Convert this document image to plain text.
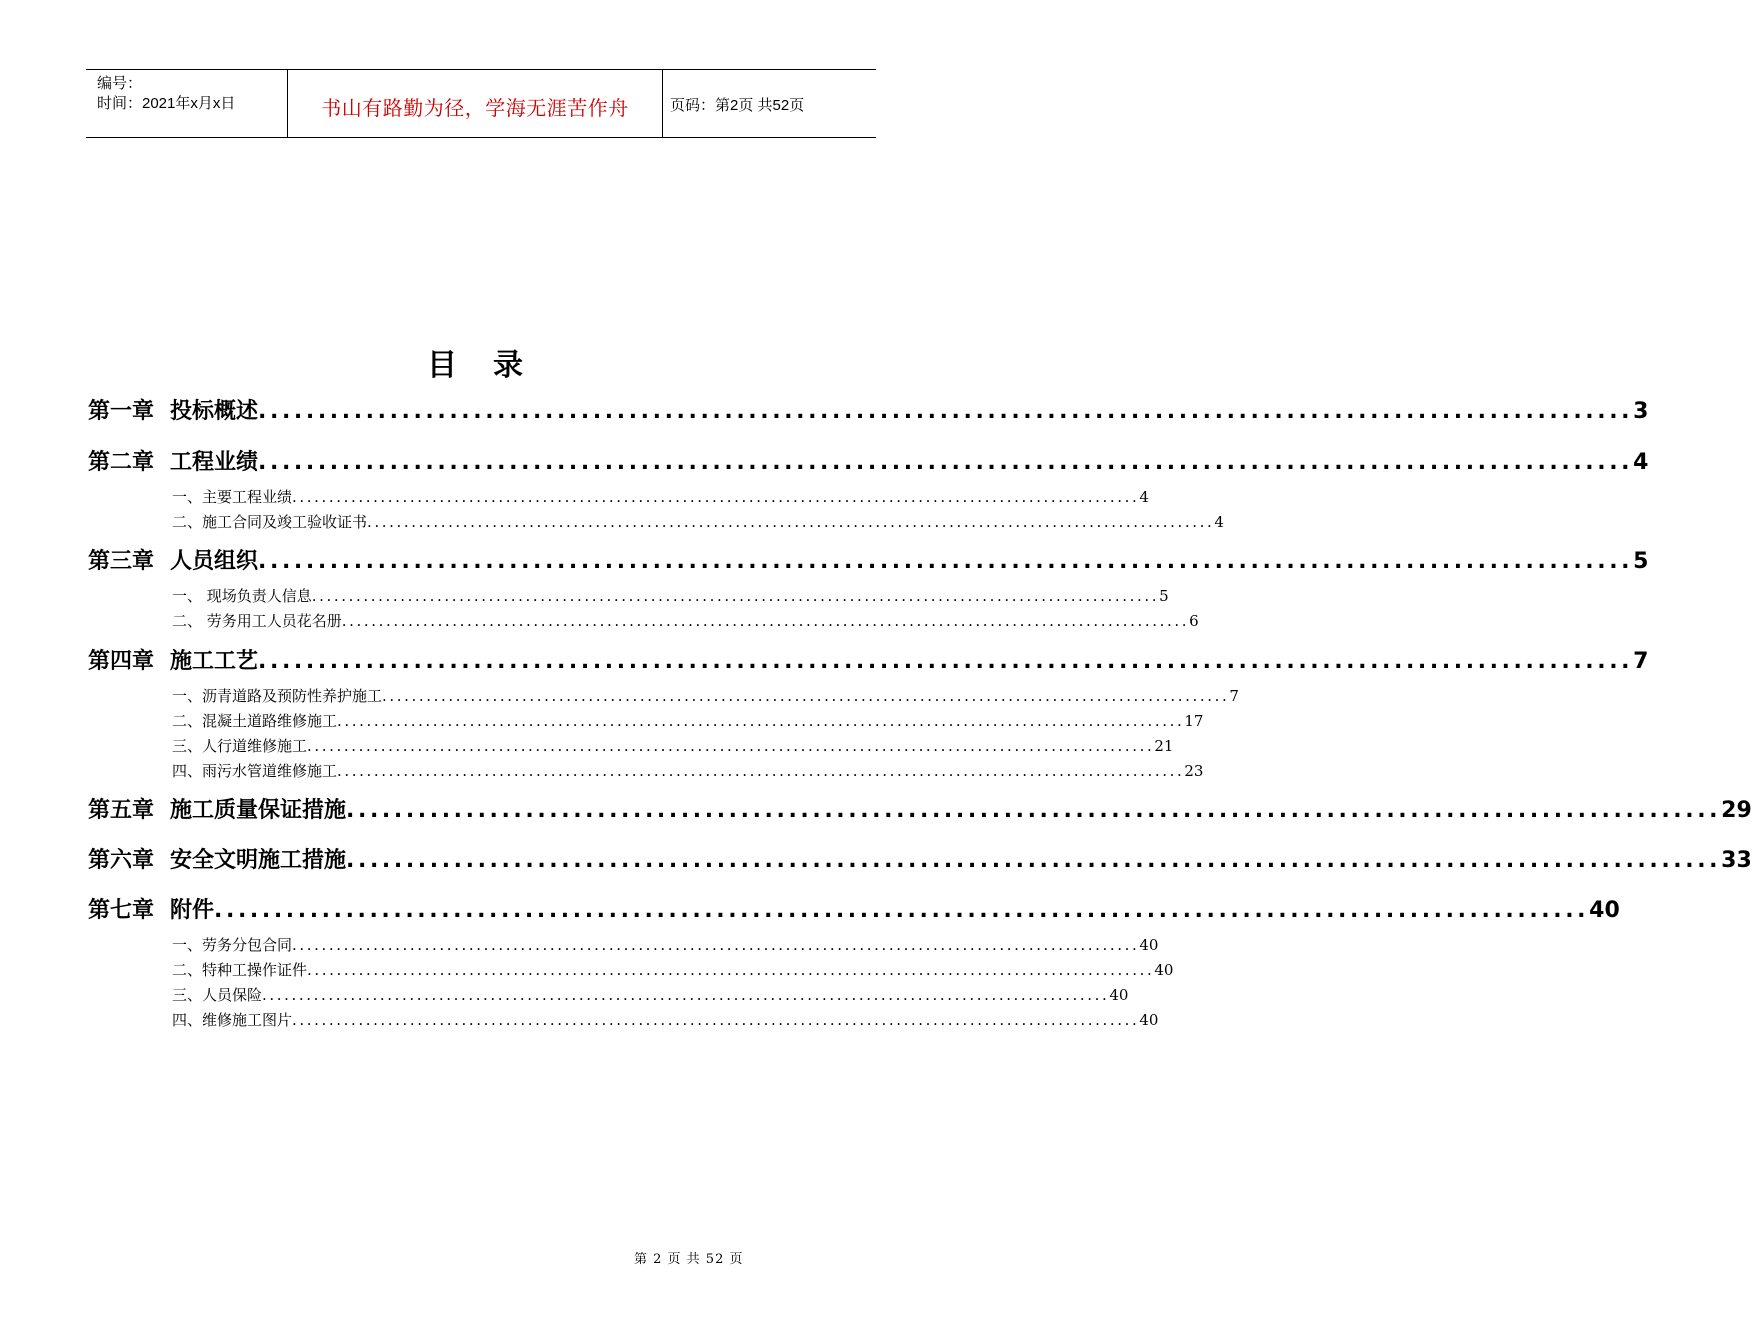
编号：
时间：2021年x月x日	书山有路勤为径，学海无涯苦作舟	页码：第2页 共52页
目 录
第一章 投标概述 ................................................................................................................... 3
第二章 工程业绩 ................................................................................................................... 4
一、主要工程业绩 ................................................................................................................... 4
二、施工合同及竣工验收证书 ................................................................................................................... 4
第三章 人员组织 ................................................................................................................... 5
一、 现场负责人信息 ................................................................................................................... 5
二、 劳务用工人员花名册 ................................................................................................................... 6
第四章 施工工艺 ................................................................................................................... 7
一、沥青道路及预防性养护施工 ................................................................................................................... 7
二、混凝土道路维修施工 ................................................................................................................... 17
三、人行道维修施工 ................................................................................................................... 21
四、雨污水管道维修施工 ................................................................................................................... 23
第五章 施工质量保证措施 ................................................................................................................... 29
第六章 安全文明施工措施 ................................................................................................................... 33
第七章 附件 ................................................................................................................... 40
一、劳务分包合同 ................................................................................................................... 40
二、特种工操作证件 ................................................................................................................... 40
三、人员保险 ................................................................................................................... 40
四、维修施工图片 ................................................................................................................... 40
第 2 页 共 52 页
